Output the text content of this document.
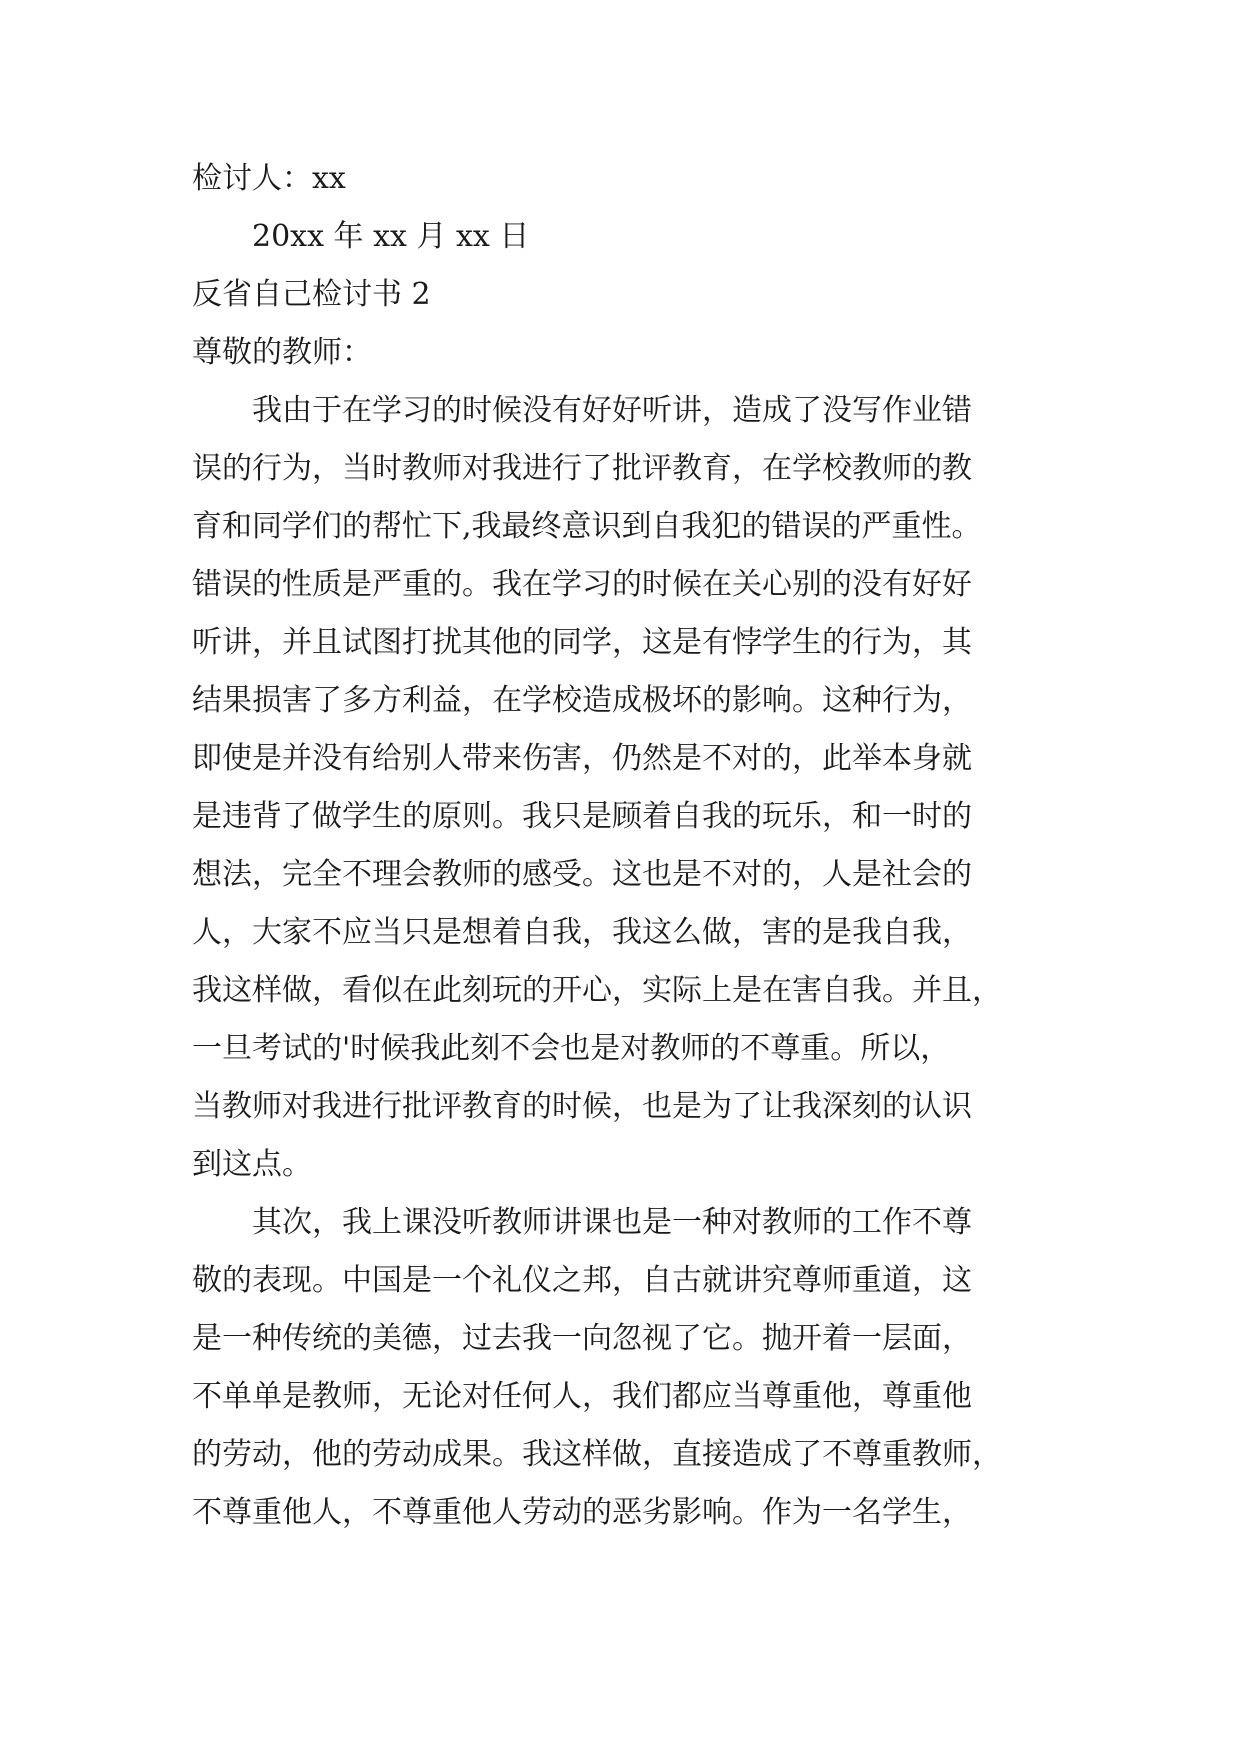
检讨人：xx
20xx 年 xx 月 xx 日
反省自己检讨书 2
尊敬的教师：
我由于在学习的时候没有好好听讲，造成了没写作业错
误的行为，当时教师对我进行了批评教育，在学校教师的教
育和同学们的帮忙下,我最终意识到自我犯的错误的严重性。
错误的性质是严重的。我在学习的时候在关心别的没有好好
听讲，并且试图打扰其他的同学，这是有悖学生的行为，其
结果损害了多方利益，在学校造成极坏的影响。这种行为，
即使是并没有给别人带来伤害，仍然是不对的，此举本身就
是违背了做学生的原则。我只是顾着自我的玩乐，和一时的
想法，完全不理会教师的感受。这也是不对的，人是社会的
人，大家不应当只是想着自我，我这么做，害的是我自我，
我这样做，看似在此刻玩的开心，实际上是在害自我。并且，
一旦考试的'时候我此刻不会也是对教师的不尊重。所以，
当教师对我进行批评教育的时候，也是为了让我深刻的认识
到这点。
其次，我上课没听教师讲课也是一种对教师的工作不尊
敬的表现。中国是一个礼仪之邦，自古就讲究尊师重道，这
是一种传统的美德，过去我一向忽视了它。抛开着一层面，
不单单是教师，无论对任何人，我们都应当尊重他，尊重他
的劳动，他的劳动成果。我这样做，直接造成了不尊重教师，
不尊重他人，不尊重他人劳动的恶劣影响。作为一名学生，
